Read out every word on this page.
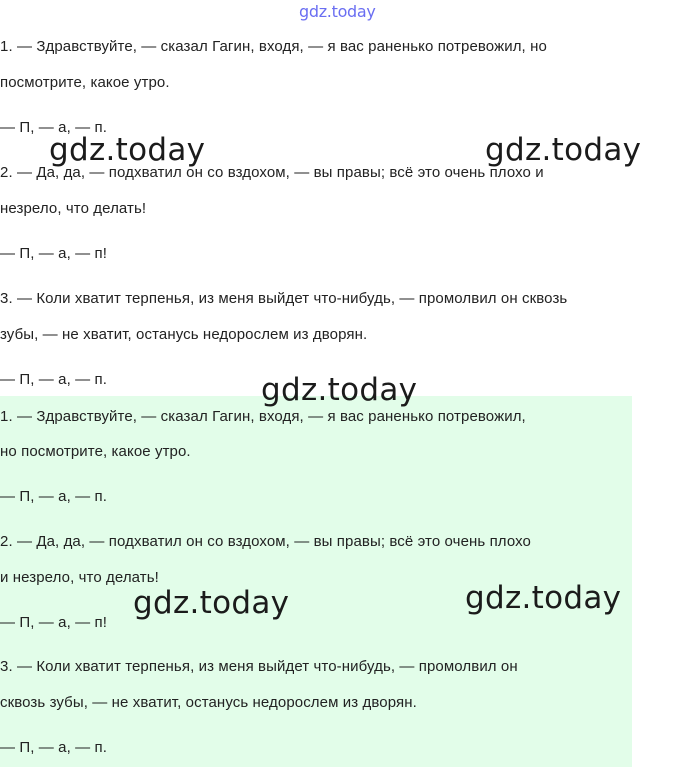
gdz.today
1. — Здравствуйте, — сказал Гагин, входя, — я вас раненько потревожил, но
посмотрите, какое утро.
— П, — а, — п.
2. — Да, да, — подхватил он со вздохом, — вы правы; всё это очень плохо и
незрело, что делать!
— П, — а, — п!
3. — Коли хватит терпенья, из меня выйдет что-нибудь, — промолвил он сквозь
зубы, — не хватит, останусь недорослем из дворян.
— П, — а, — п.
1. — Здравствуйте, — сказал Гагин, входя, — я вас раненько потревожил,
но посмотрите, какое утро.
— П, — а, — п.
2. — Да, да, — подхватил он со вздохом, — вы правы; всё это очень плохо
и незрело, что делать!
— П, — а, — п!
3. — Коли хватит терпенья, из меня выйдет что-нибудь, — промолвил он
сквозь зубы, — не хватит, останусь недорослем из дворян.
— П, — а, — п.
gdz.today	gdz.today
gdz.today
gdz.today	gdz.today
